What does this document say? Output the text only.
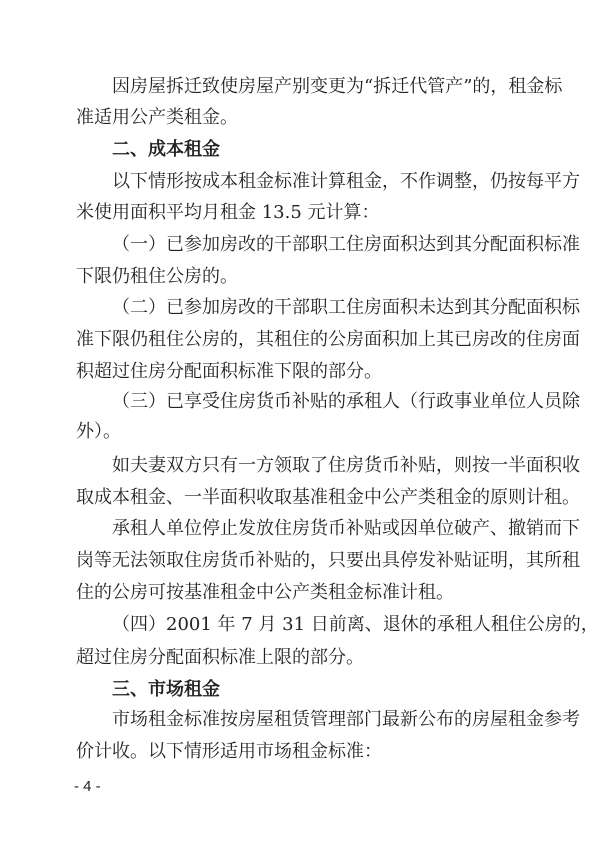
因房屋拆迁致使房屋产别变更为“拆迁代管产”的，租金标
准适用公产类租金。
二、成本租金
以下情形按成本租金标准计算租金，不作调整，仍按每平方
米使用面积平均月租金 13.5 元计算：
（一）已参加房改的干部职工住房面积达到其分配面积标准
下限仍租住公房的。
（二）已参加房改的干部职工住房面积未达到其分配面积标
准下限仍租住公房的，其租住的公房面积加上其已房改的住房面
积超过住房分配面积标准下限的部分。
（三）已享受住房货币补贴的承租人（行政事业单位人员除
外）。
如夫妻双方只有一方领取了住房货币补贴，则按一半面积收
取成本租金、一半面积收取基准租金中公产类租金的原则计租。
承租人单位停止发放住房货币补贴或因单位破产、撤销而下
岗等无法领取住房货币补贴的，只要出具停发补贴证明，其所租
住的公房可按基准租金中公产类租金标准计租。
（四）2001 年 7 月 31 日前离、退休的承租人租住公房的，
超过住房分配面积标准上限的部分。
三、市场租金
市场租金标准按房屋租赁管理部门最新公布的房屋租金参考
价计收。以下情形适用市场租金标准：
- 4 -
